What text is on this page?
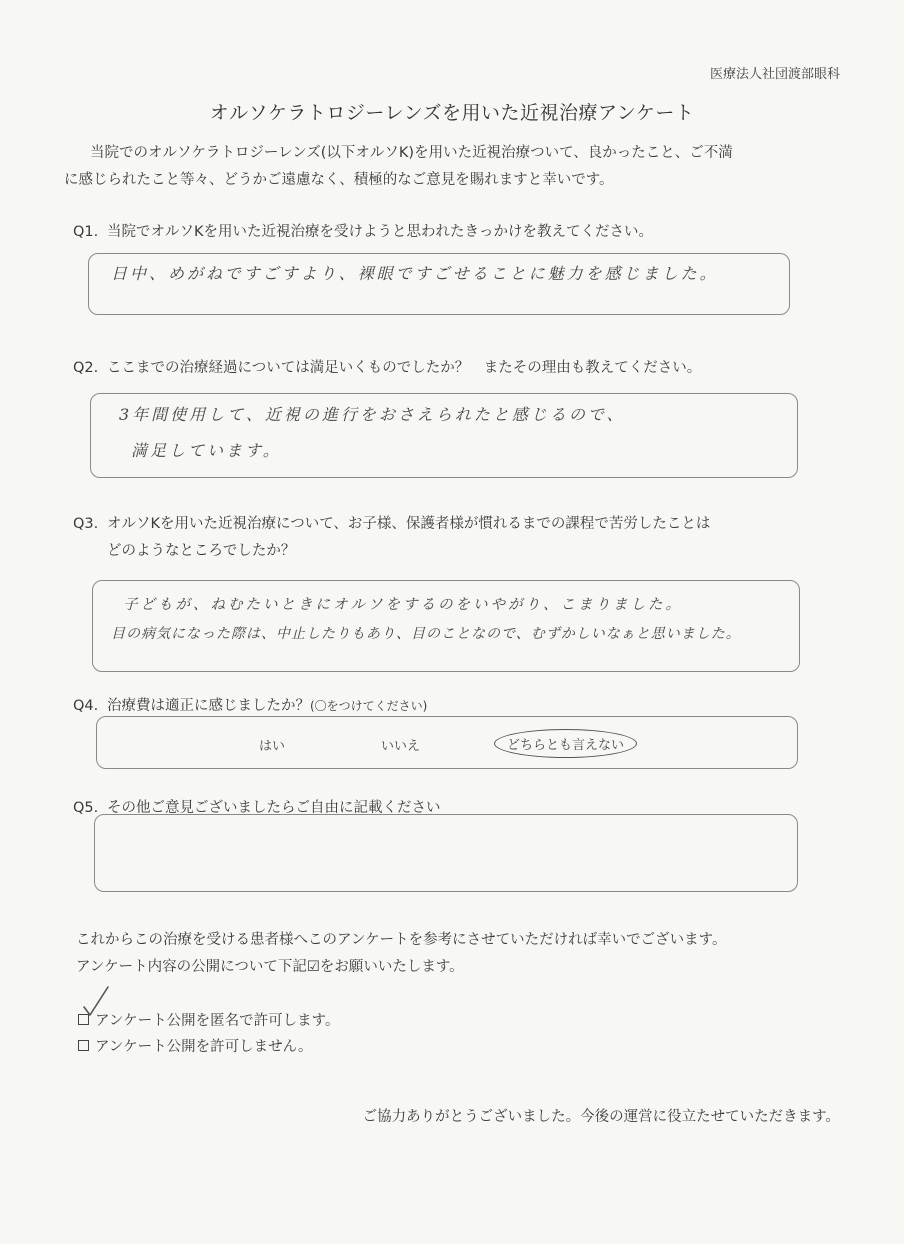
医療法人社団渡部眼科
オルソケラトロジーレンズを用いた近視治療アンケート
当院でのオルソケラトロジーレンズ(以下オルソK)を用いた近視治療ついて、良かったこと、ご不満
に感じられたこと等々、どうかご遠慮なく、積極的なご意見を賜れますと幸いです。
Q1. 当院でオルソKを用いた近視治療を受けようと思われたきっかけを教えてください。
日中、めがねですごすより、裸眼ですごせることに魅力を感じました。
Q2. ここまでの治療経過については満足いくものでしたか？　またその理由も教えてください。
3年間使用して、近視の進行をおさえられたと感じるので、
満足しています。
Q3. オルソKを用いた近視治療について、お子様、保護者様が慣れるまでの課程で苦労したことは
どのようなところでしたか？
子どもが、ねむたいときにオルソをするのをいやがり、こまりました。
目の病気になった際は、中止したりもあり、目のことなので、むずかしいなぁと思いました。
Q4. 治療費は適正に感じましたか？(〇をつけてください)
はい	いいえ	どちらとも言えない
Q5. その他ご意見ございましたらご自由に記載ください
これからこの治療を受ける患者様へこのアンケートを参考にさせていただければ幸いでございます。
アンケート内容の公開について下記☑をお願いいたします。
アンケート公開を匿名で許可します。
アンケート公開を許可しません。
ご協力ありがとうございました。今後の運営に役立たせていただきます。
